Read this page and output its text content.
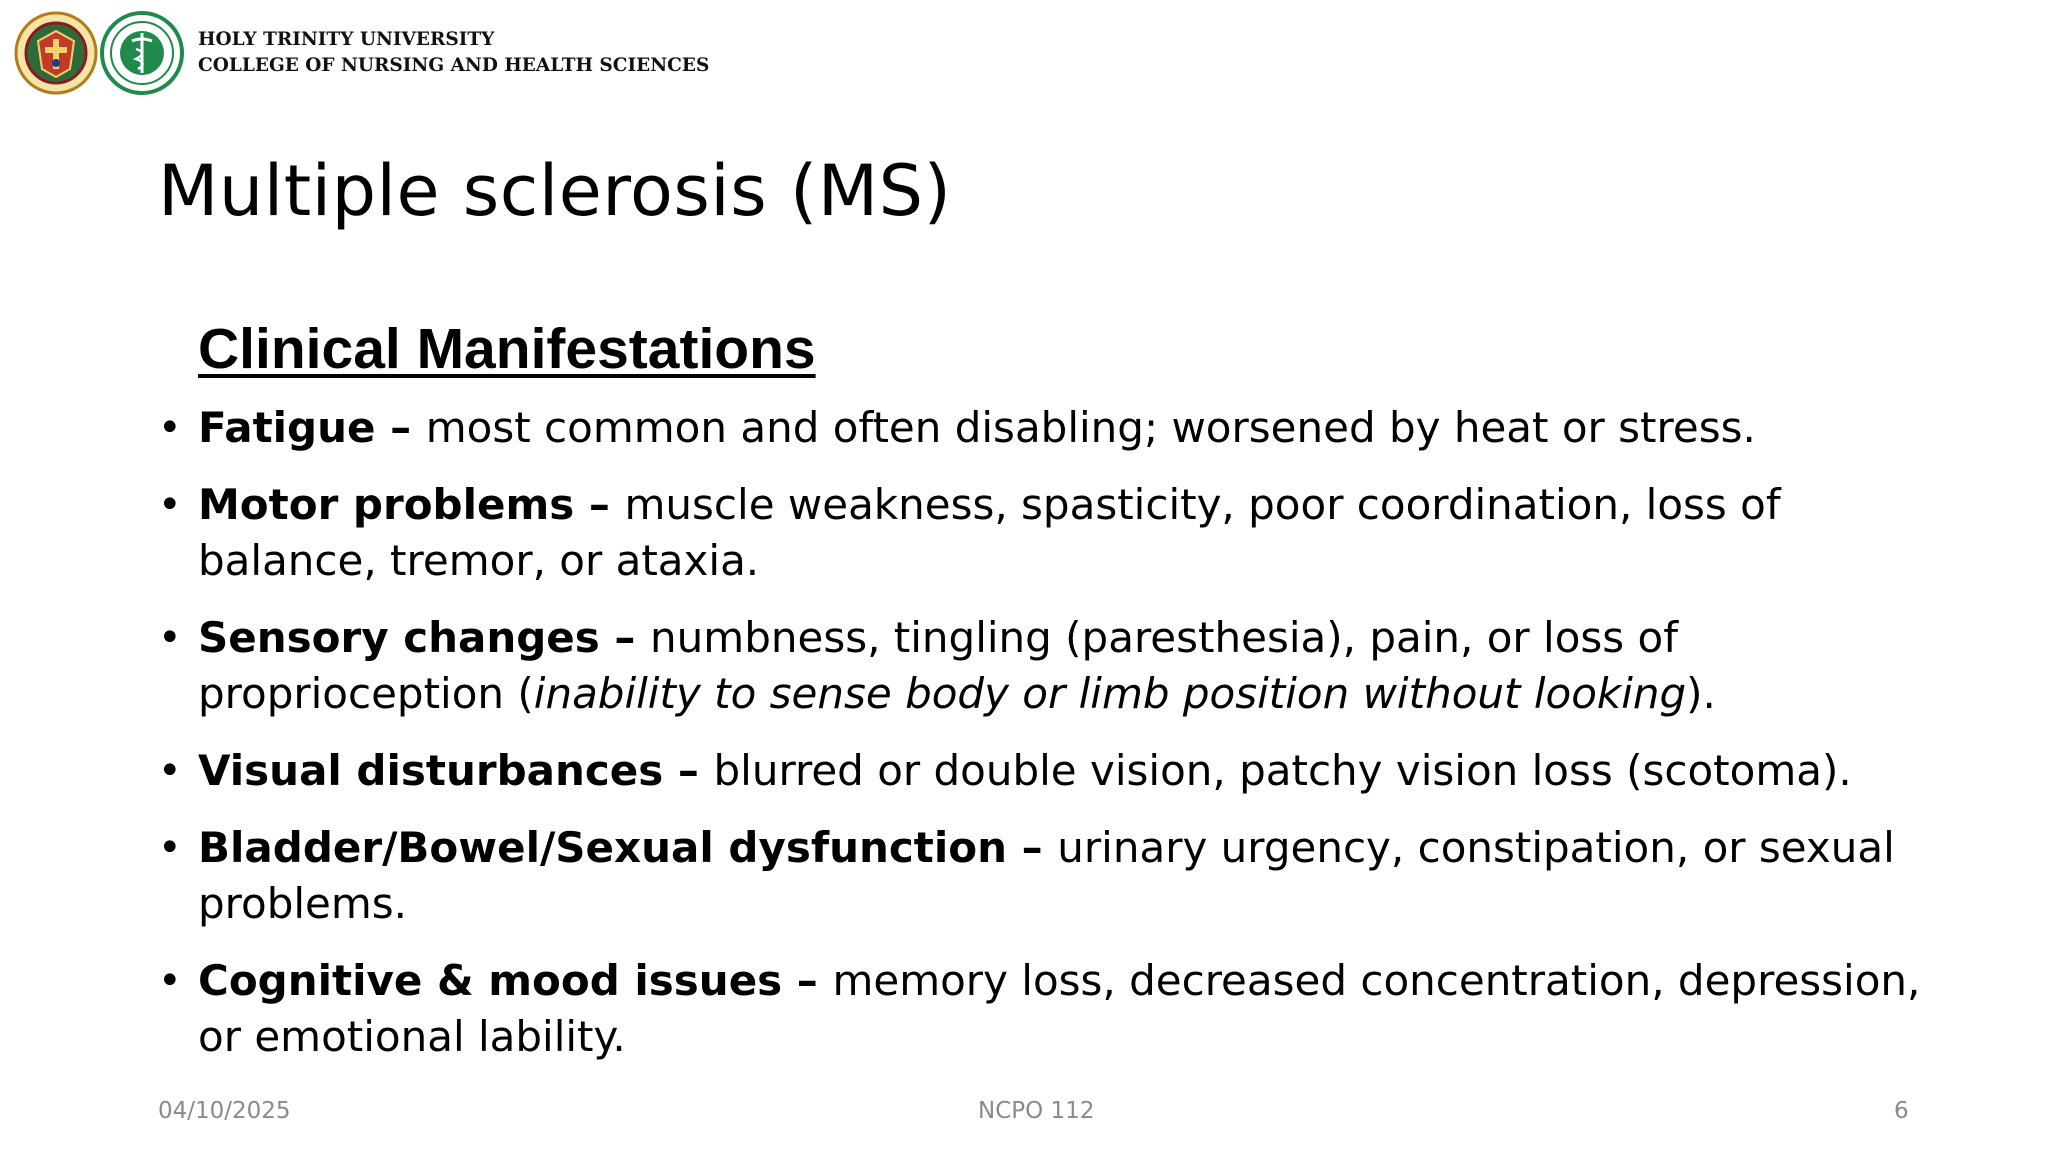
HOLY TRINITY UNIVERSITY
COLLEGE OF NURSING AND HEALTH SCIENCES
Multiple sclerosis (MS)
Clinical Manifestations
• Fatigue – most common and often disabling; worsened by heat or stress.
• Motor problems – muscle weakness, spasticity, poor coordination, loss of balance, tremor, or ataxia.
• Sensory changes – numbness, tingling (paresthesia), pain, or loss of proprioception (inability to sense body or limb position without looking).
• Visual disturbances – blurred or double vision, patchy vision loss (scotoma).
• Bladder/Bowel/Sexual dysfunction – urinary urgency, constipation, or sexual problems.
• Cognitive & mood issues – memory loss, decreased concentration, depression, or emotional lability.
04/10/2025	NCPO 112	6
